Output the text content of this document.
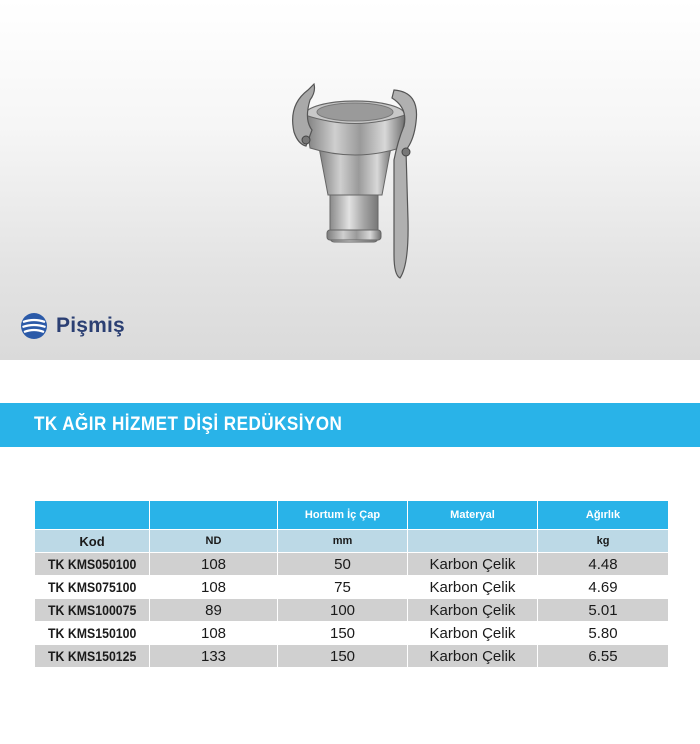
Pişmiş
TK AĞIR HİZMET DİŞİ REDÜKSİYON
		Hortum İç Çap	Materyal	Ağırlık
Kod	ND	mm		kg
TK KMS050100	108	50	Karbon Çelik	4.48
TK KMS075100	108	75	Karbon Çelik	4.69
TK KMS100075	89	100	Karbon Çelik	5.01
TK KMS150100	108	150	Karbon Çelik	5.80
TK KMS150125	133	150	Karbon Çelik	6.55
